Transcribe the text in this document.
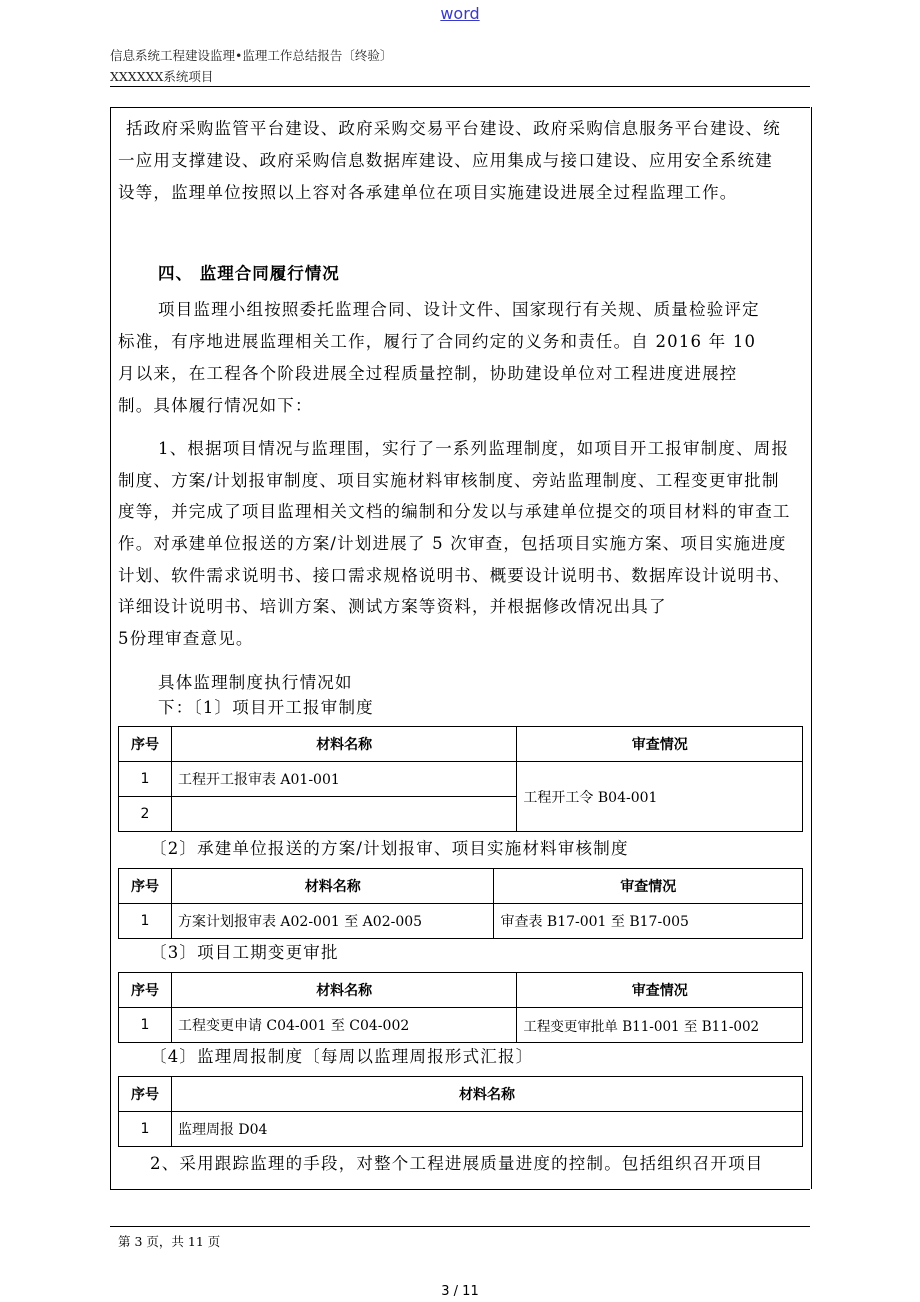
word
信息系统工程建设监理•监理工作总结报告〔终验〕
XXXXXX系统项目
括政府采购监管平台建设、政府采购交易平台建设、政府采购信息服务平台建设、统
一应用支撑建设、政府采购信息数据库建设、应用集成与接口建设、应用安全系统建
设等，监理单位按照以上容对各承建单位在项目实施建设进展全过程监理工作。
四、 监理合同履行情况
项目监理小组按照委托监理合同、设计文件、国家现行有关规、质量检验评定
标准，有序地进展监理相关工作，履行了合同约定的义务和责任。自 2016 年 10
月以来，在工程各个阶段进展全过程质量控制，协助建设单位对工程进度进展控
制。具体履行情况如下：
1、根据项目情况与监理围，实行了一系列监理制度，如项目开工报审制度、周报
制度、方案/计划报审制度、项目实施材料审核制度、旁站监理制度、工程变更审批制
度等，并完成了项目监理相关文档的编制和分发以与承建单位提交的项目材料的审查工
作。对承建单位报送的方案/计划进展了 5 次审查，包括项目实施方案、项目实施进度
计划、软件需求说明书、接口需求规格说明书、概要设计说明书、数据库设计说明书、
详细设计说明书、培训方案、测试方案等资料，并根据修改情况出具了
5份理审查意见。
具体监理制度执行情况如
下：〔1〕项目开工报审制度
序号	材料名称	审查情况
1	工程开工报审表 A01-001	工程开工令 B04-001
2		
〔2〕承建单位报送的方案/计划报审、项目实施材料审核制度
序号	材料名称	审查情况
1	方案计划报审表 A02-001 至 A02-005	审查表 B17-001 至 B17-005
〔3〕项目工期变更审批
序号	材料名称	审查情况
1	工程变更申请 C04-001 至 C04-002	工程变更审批单 B11-001 至 B11-002
〔4〕监理周报制度〔每周以监理周报形式汇报〕
序号	材料名称
1	监理周报 D04
2、采用跟踪监理的手段，对整个工程进展质量进度的控制。包括组织召开项目
第 3 页，共 11 页
3 / 11
